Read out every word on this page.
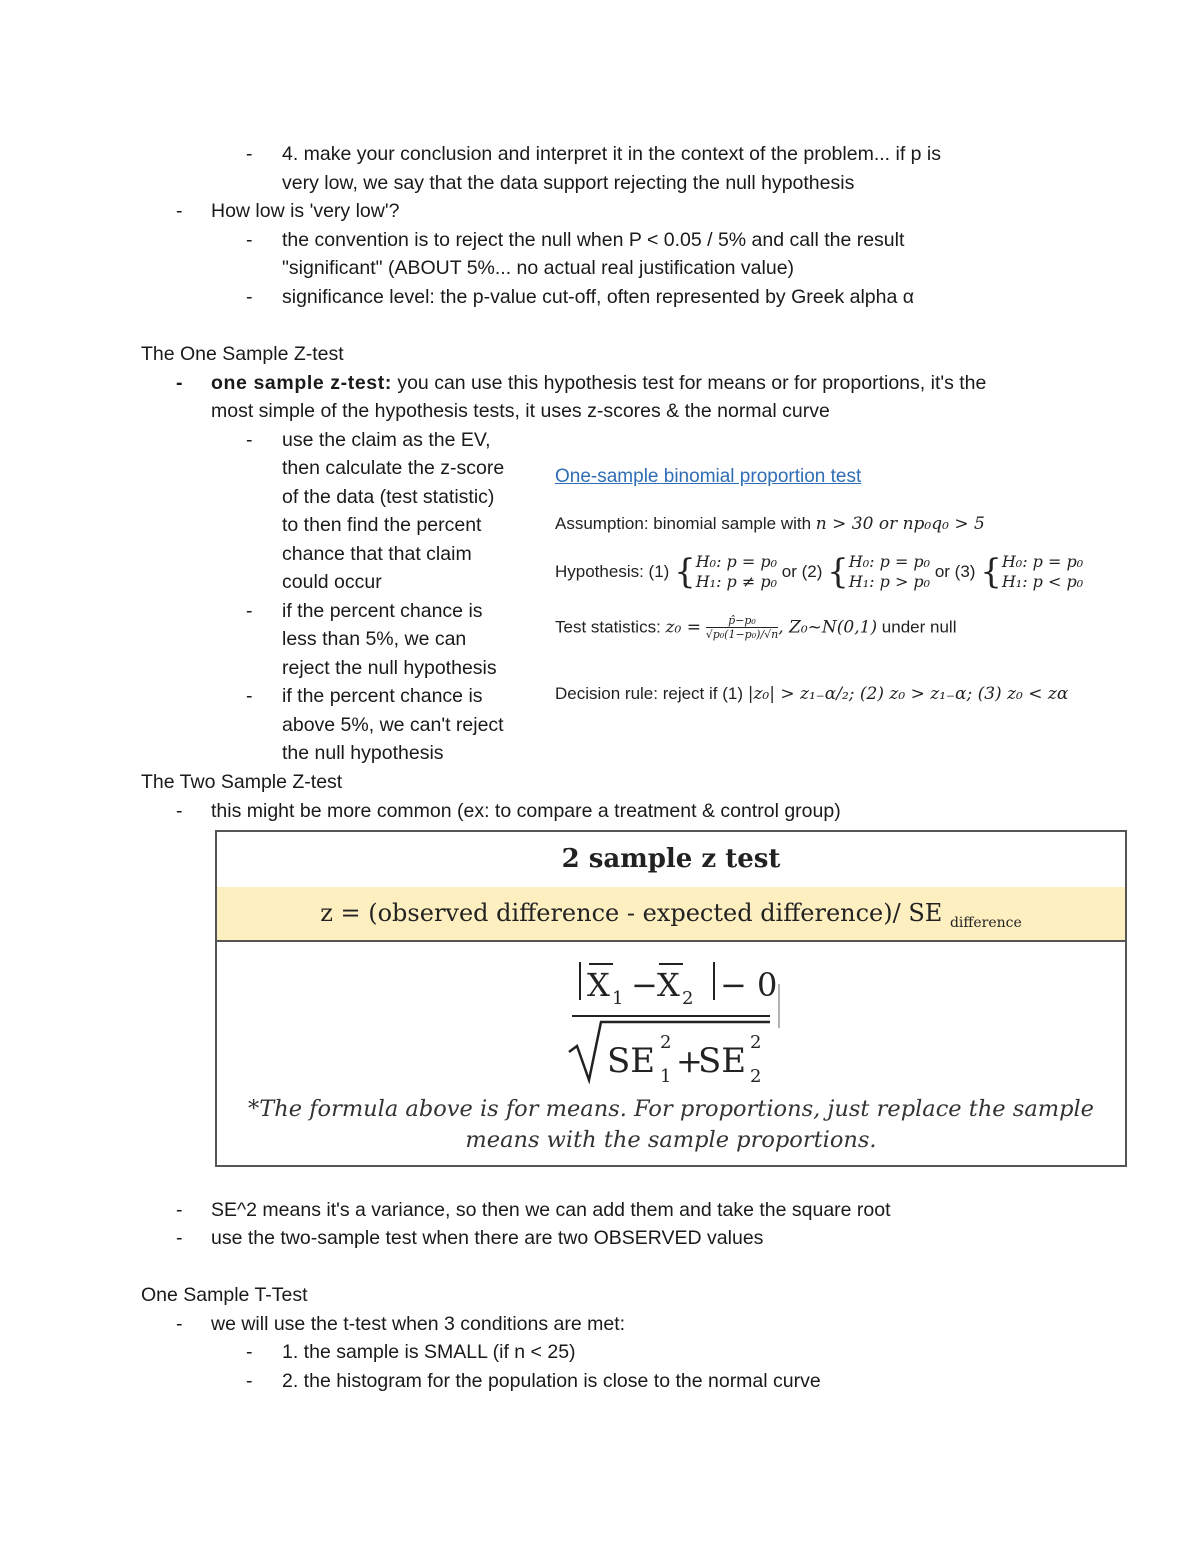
- 4. make your conclusion and interpret it in the context of the problem... if p is
very low, we say that the data support rejecting the null hypothesis
- How low is 'very low'?
- the convention is to reject the null when P < 0.05 / 5% and call the result
"significant" (ABOUT 5%... no actual real justification value)
- significance level: the p-value cut-off, often represented by Greek alpha α
The One Sample Z-test
- one sample z-test: you can use this hypothesis test for means or for proportions, it's the
most simple of the hypothesis tests, it uses z-scores & the normal curve
- use the claim as the EV,
then calculate the z-score
of the data (test statistic)
to then find the percent
chance that that claim
could occur
- if the percent chance is
less than 5%, we can
reject the null hypothesis
- if the percent chance is
above 5%, we can't reject
the null hypothesis
One-sample binomial proportion test
Assumption: binomial sample with n > 30 or np₀q₀ > 5
Hypothesis: (1) {H₀: p = p₀
H₁: p ≠ p₀ or (2) {H₀: p = p₀
H₁: p > p₀ or (3) {H₀: p = p₀
H₁: p < p₀
Test statistics: $z_0 = \frac{\text{p̂−p₀}}{\text{√p₀(1−p₀)/√n}}$ , Z₀~N(0,1) under null
Decision rule: reject if (1) |z₀| > z₁₋α/₂; (2) z₀ > z₁₋α; (3) z₀ < zα
The Two Sample Z-test
- this might be more common (ex: to compare a treatment & control group)
2 sample z test
z = (observed difference - expected difference)/ SE $_{difference}$
X 1 − X 2 − 0
SE 2
1 +
SE 2
2
*The formula above is for means. For proportions, just replace the sample
means with the sample proportions.
- SE^2 means it's a variance, so then we can add them and take the square root
- use the two-sample test when there are two OBSERVED values
One Sample T-Test
- we will use the t-test when 3 conditions are met:
- 1. the sample is SMALL (if n < 25)
- 2. the histogram for the population is close to the normal curve
